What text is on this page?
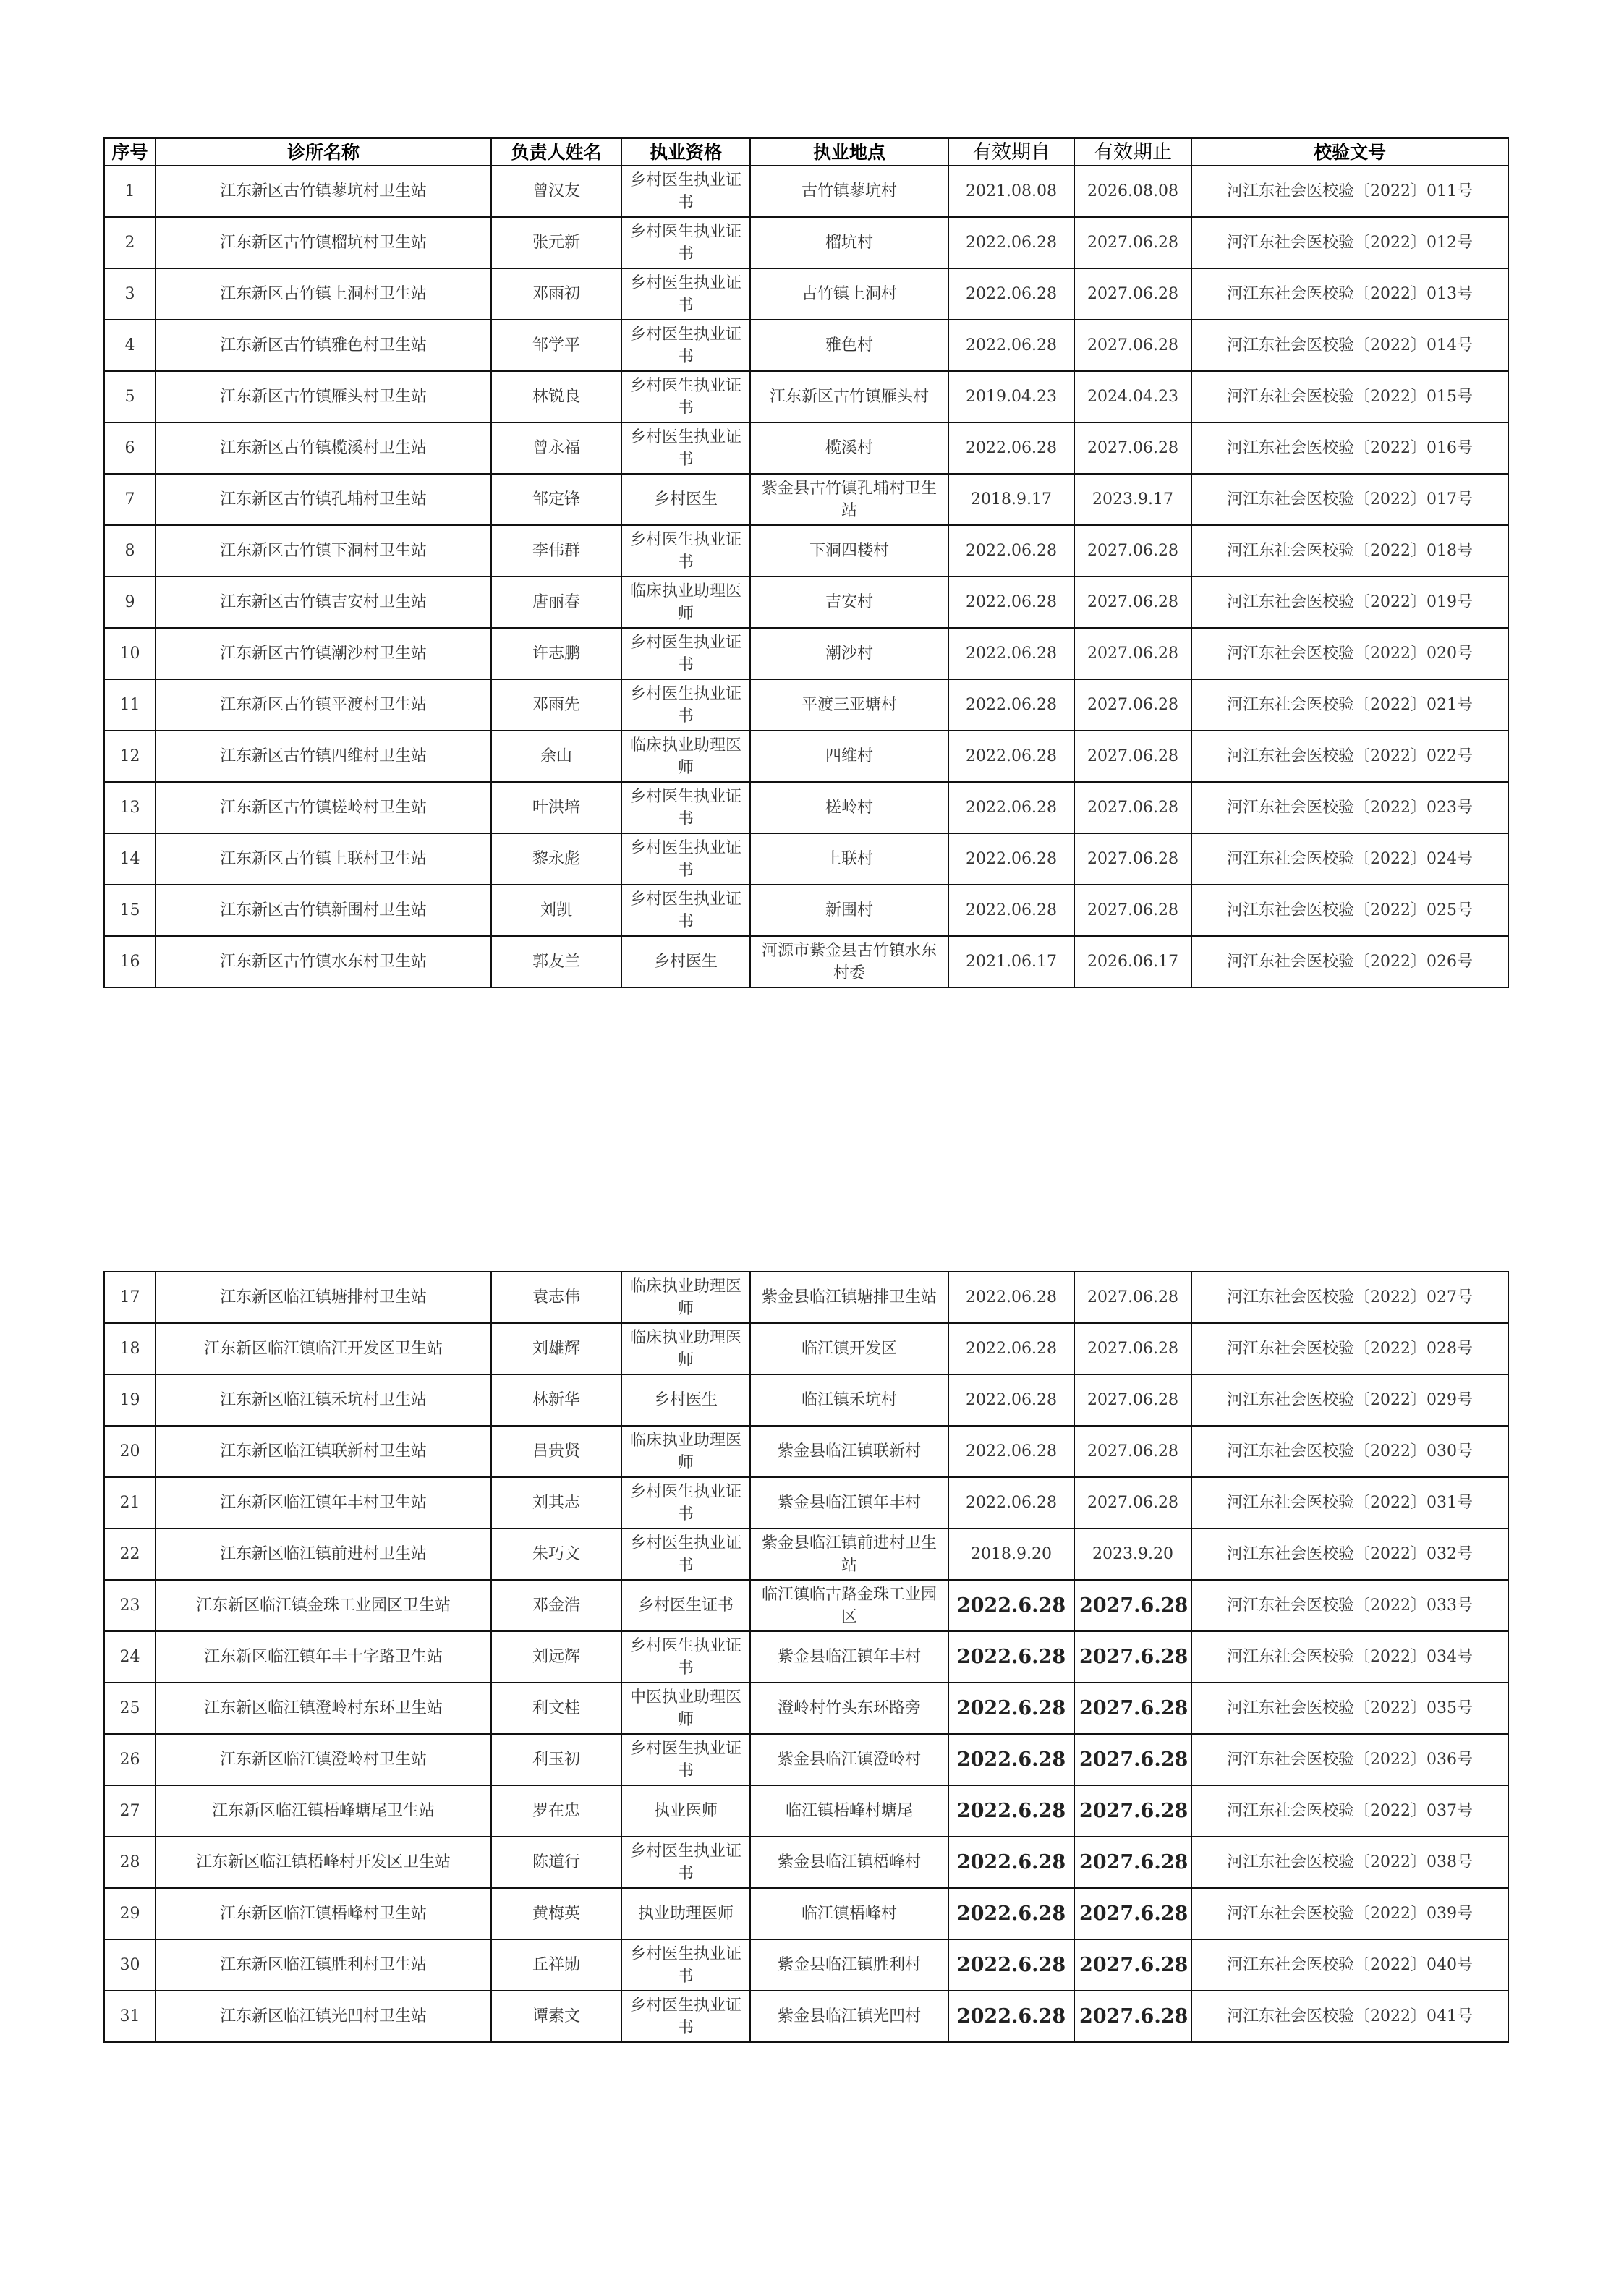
序号	诊所名称	负责人姓名	执业资格	执业地点	有效期自	有效期止	校验文号
1	江东新区古竹镇蓼坑村卫生站	曾汉友	乡村医生执业证书	古竹镇蓼坑村	2021.08.08	2026.08.08	河江东社会医校验〔2022〕011号
2	江东新区古竹镇榴坑村卫生站	张元新	乡村医生执业证书	榴坑村	2022.06.28	2027.06.28	河江东社会医校验〔2022〕012号
3	江东新区古竹镇上洞村卫生站	邓雨初	乡村医生执业证书	古竹镇上洞村	2022.06.28	2027.06.28	河江东社会医校验〔2022〕013号
4	江东新区古竹镇雅色村卫生站	邹学平	乡村医生执业证书	雅色村	2022.06.28	2027.06.28	河江东社会医校验〔2022〕014号
5	江东新区古竹镇雁头村卫生站	林锐良	乡村医生执业证书	江东新区古竹镇雁头村	2019.04.23	2024.04.23	河江东社会医校验〔2022〕015号
6	江东新区古竹镇榄溪村卫生站	曾永福	乡村医生执业证书	榄溪村	2022.06.28	2027.06.28	河江东社会医校验〔2022〕016号
7	江东新区古竹镇孔埔村卫生站	邹定锋	乡村医生	紫金县古竹镇孔埔村卫生站	2018.9.17	2023.9.17	河江东社会医校验〔2022〕017号
8	江东新区古竹镇下洞村卫生站	李伟群	乡村医生执业证书	下洞四楼村	2022.06.28	2027.06.28	河江东社会医校验〔2022〕018号
9	江东新区古竹镇吉安村卫生站	唐丽春	临床执业助理医师	吉安村	2022.06.28	2027.06.28	河江东社会医校验〔2022〕019号
10	江东新区古竹镇潮沙村卫生站	许志鹏	乡村医生执业证书	潮沙村	2022.06.28	2027.06.28	河江东社会医校验〔2022〕020号
11	江东新区古竹镇平渡村卫生站	邓雨先	乡村医生执业证书	平渡三亚塘村	2022.06.28	2027.06.28	河江东社会医校验〔2022〕021号
12	江东新区古竹镇四维村卫生站	余山	临床执业助理医师	四维村	2022.06.28	2027.06.28	河江东社会医校验〔2022〕022号
13	江东新区古竹镇槎岭村卫生站	叶洪培	乡村医生执业证书	槎岭村	2022.06.28	2027.06.28	河江东社会医校验〔2022〕023号
14	江东新区古竹镇上联村卫生站	黎永彪	乡村医生执业证书	上联村	2022.06.28	2027.06.28	河江东社会医校验〔2022〕024号
15	江东新区古竹镇新围村卫生站	刘凯	乡村医生执业证书	新围村	2022.06.28	2027.06.28	河江东社会医校验〔2022〕025号
16	江东新区古竹镇水东村卫生站	郭友兰	乡村医生	河源市紫金县古竹镇水东村委	2021.06.17	2026.06.17	河江东社会医校验〔2022〕026号
17	江东新区临江镇塘排村卫生站	袁志伟	临床执业助理医师	紫金县临江镇塘排卫生站	2022.06.28	2027.06.28	河江东社会医校验〔2022〕027号
18	江东新区临江镇临江开发区卫生站	刘雄辉	临床执业助理医师	临江镇开发区	2022.06.28	2027.06.28	河江东社会医校验〔2022〕028号
19	江东新区临江镇禾坑村卫生站	林新华	乡村医生	临江镇禾坑村	2022.06.28	2027.06.28	河江东社会医校验〔2022〕029号
20	江东新区临江镇联新村卫生站	吕贵贤	临床执业助理医师	紫金县临江镇联新村	2022.06.28	2027.06.28	河江东社会医校验〔2022〕030号
21	江东新区临江镇年丰村卫生站	刘其志	乡村医生执业证书	紫金县临江镇年丰村	2022.06.28	2027.06.28	河江东社会医校验〔2022〕031号
22	江东新区临江镇前进村卫生站	朱巧文	乡村医生执业证书	紫金县临江镇前进村卫生站	2018.9.20	2023.9.20	河江东社会医校验〔2022〕032号
23	江东新区临江镇金珠工业园区卫生站	邓金浩	乡村医生证书	临江镇临古路金珠工业园区	2022.6.28	2027.6.28	河江东社会医校验〔2022〕033号
24	江东新区临江镇年丰十字路卫生站	刘远辉	乡村医生执业证书	紫金县临江镇年丰村	2022.6.28	2027.6.28	河江东社会医校验〔2022〕034号
25	江东新区临江镇澄岭村东环卫生站	利文桂	中医执业助理医师	澄岭村竹头东环路旁	2022.6.28	2027.6.28	河江东社会医校验〔2022〕035号
26	江东新区临江镇澄岭村卫生站	利玉初	乡村医生执业证书	紫金县临江镇澄岭村	2022.6.28	2027.6.28	河江东社会医校验〔2022〕036号
27	江东新区临江镇梧峰塘尾卫生站	罗在忠	执业医师	临江镇梧峰村塘尾	2022.6.28	2027.6.28	河江东社会医校验〔2022〕037号
28	江东新区临江镇梧峰村开发区卫生站	陈道行	乡村医生执业证书	紫金县临江镇梧峰村	2022.6.28	2027.6.28	河江东社会医校验〔2022〕038号
29	江东新区临江镇梧峰村卫生站	黄梅英	执业助理医师	临江镇梧峰村	2022.6.28	2027.6.28	河江东社会医校验〔2022〕039号
30	江东新区临江镇胜利村卫生站	丘祥勋	乡村医生执业证书	紫金县临江镇胜利村	2022.6.28	2027.6.28	河江东社会医校验〔2022〕040号
31	江东新区临江镇光凹村卫生站	谭素文	乡村医生执业证书	紫金县临江镇光凹村	2022.6.28	2027.6.28	河江东社会医校验〔2022〕041号
